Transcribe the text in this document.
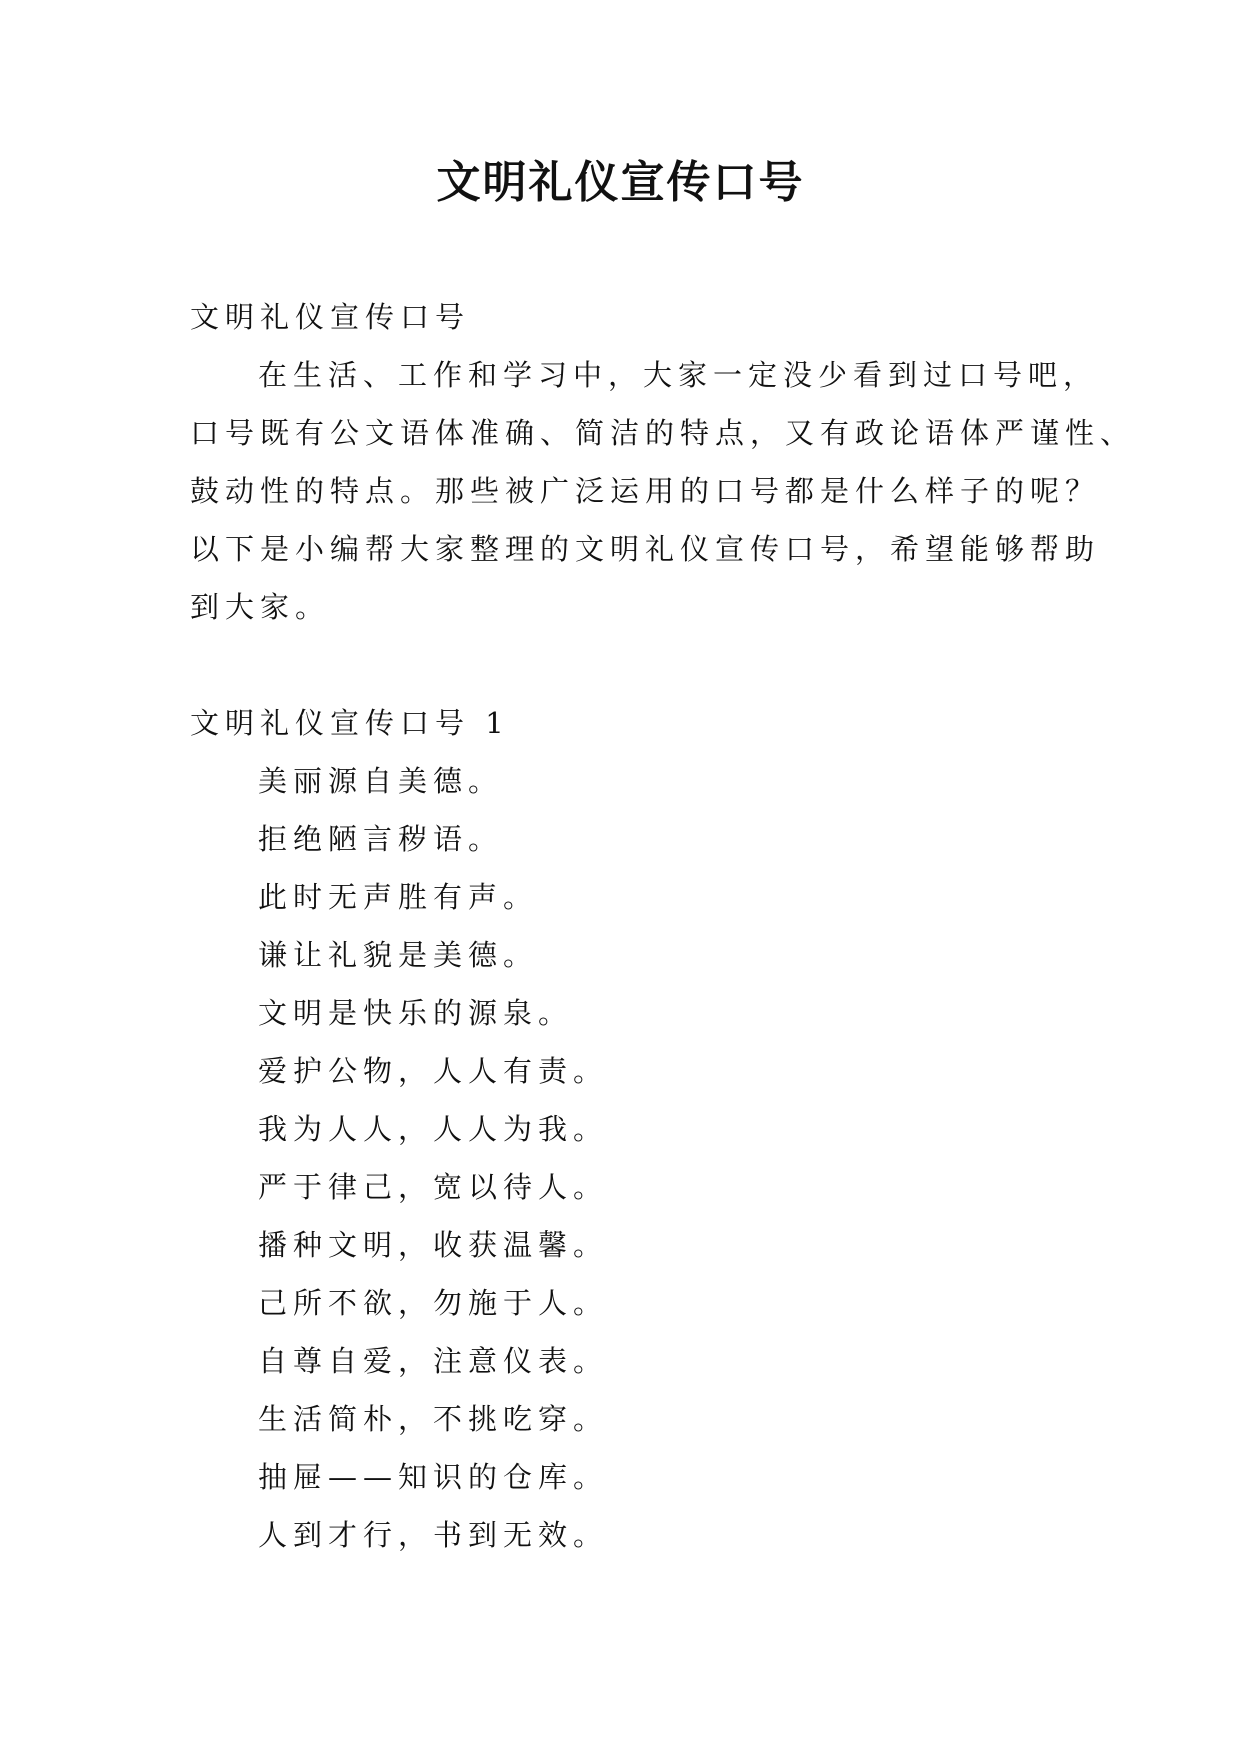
文明礼仪宣传口号
文明礼仪宣传口号
在生活、工作和学习中，大家一定没少看到过口号吧，
口号既有公文语体准确、简洁的特点，又有政论语体严谨性、
鼓动性的特点。那些被广泛运用的口号都是什么样子的呢？
以下是小编帮大家整理的文明礼仪宣传口号，希望能够帮助
到大家。
文明礼仪宣传口号 1
美丽源自美德。
拒绝陋言秽语。
此时无声胜有声。
谦让礼貌是美德。
文明是快乐的源泉。
爱护公物，人人有责。
我为人人，人人为我。
严于律己，宽以待人。
播种文明，收获温馨。
己所不欲，勿施于人。
自尊自爱，注意仪表。
生活简朴，不挑吃穿。
抽屉——知识的仓库。
人到才行，书到无效。
